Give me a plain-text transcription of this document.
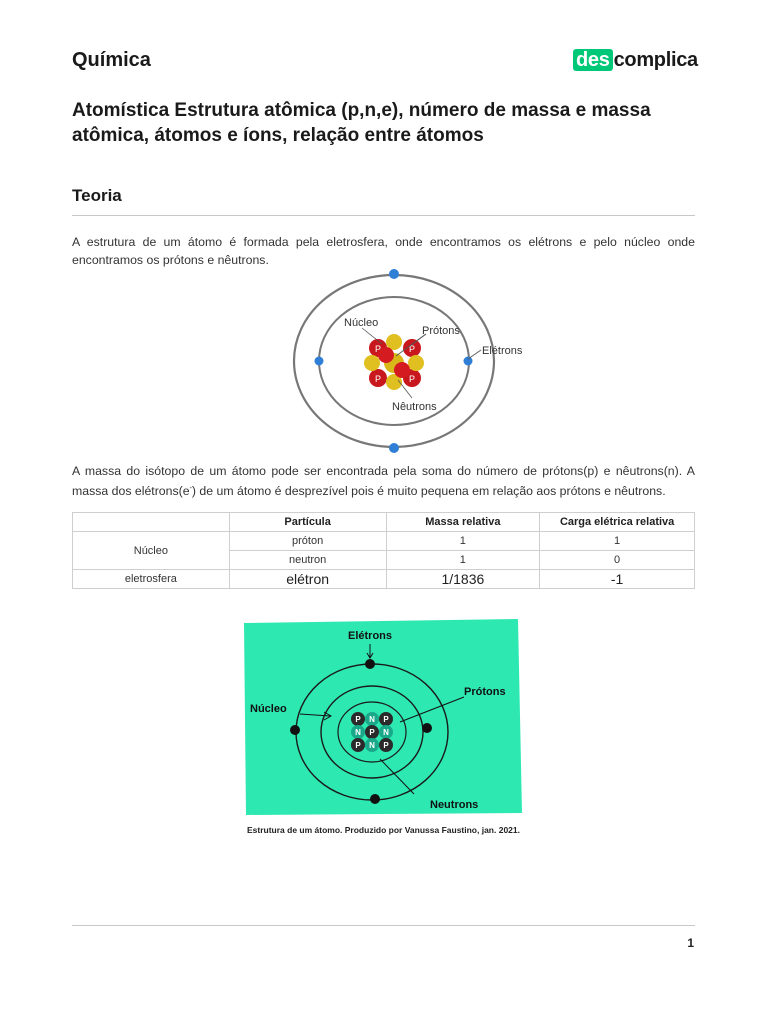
Química	des complica
Atomística Estrutura atômica (p,n,e), número de massa e massa atômica, átomos e íons, relação entre átomos
Teoria
A estrutura de um átomo é formada pela eletrosfera, onde encontramos os elétrons e pelo núcleo onde encontramos os prótons e nêutrons.
P	P
P	P
Núcleo
Prótons
Elétrons
Nêutrons
A massa do isótopo de um átomo pode ser encontrada pela soma do número de prótons(p) e nêutrons(n). A massa dos elétrons(e-) de um átomo é desprezível pois é muito pequena em relação aos prótons e nêutrons.
	Partícula	Massa relativa	Carga elétrica relativa
Núcleo	próton	1	1
	neutron	1	0
eletrosfera	elétron	1/1836	-1
P N P
N P N
P N P
Elétrons
Prótons
Núcleo
Neutrons
Estrutura de um átomo. Produzido por Vanussa Faustino, jan. 2021.
1
